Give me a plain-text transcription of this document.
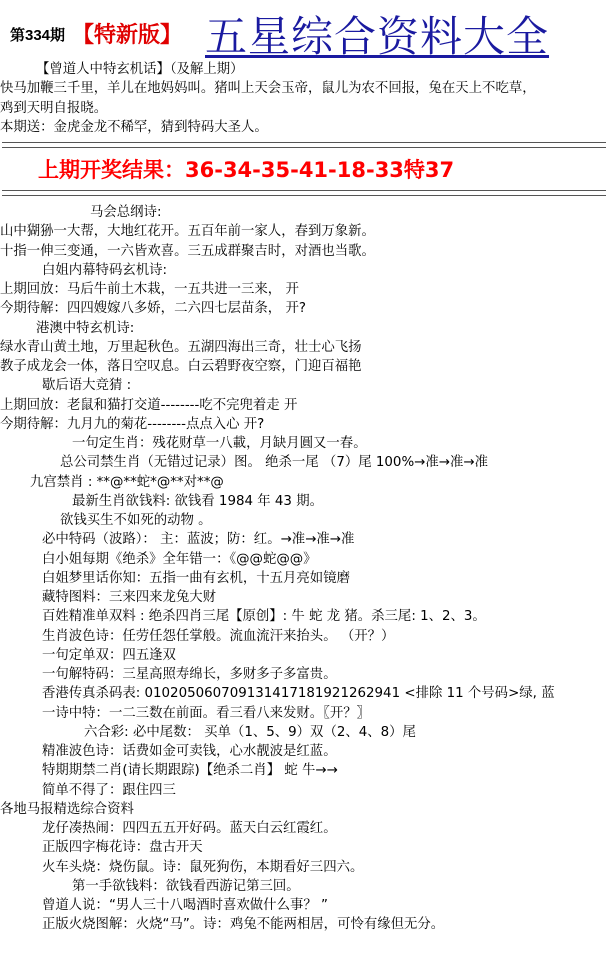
第334期 【特新版】 五星综合资料大全
【曾道人中特玄机话】（及解上期）
快马加鞭三千里，羊儿在地妈妈叫。猪叫上天会玉帝，鼠儿为农不回报，兔在天上不吃草，
鸡到天明自报晓。
本期送：金虎金龙不稀罕，猜到特码大圣人。
上期开奖结果：36-34-35-41-18-33特37
马会总纲诗:
山中猢狲一大帮，大地红花开。五百年前一家人，春到万象新。
十指一伸三变通，一六皆欢喜。三五成群聚吉时，对酒也当歌。
白姐内幕特码玄机诗:
上期回放：马后牛前土木栽，一五共进一三来， 开
今期待解：四四嫂嫁八多娇，二六四七层苗条， 开?
港澳中特玄机诗:
绿水青山黄土地，万里起秋色。五湖四海出三奇，壮士心飞扬
教子成龙会一体，落日空叹息。白云碧野夜空察，门迎百福艳
歇后语大竞猜 :
上期回放：老鼠和猫打交道--------吃不完兜着走 开
今期待解：九月九的菊花--------点点入心 开?
一句定生肖：残花财草一八載，月缺月圓又一春。
总公司禁生肖（无错过记录）图。 绝杀一尾 （7）尾 100%→准→准→准
九宫禁肖 : **@**蛇*@**对**@
最新生肖欲钱料: 欲钱看 1984 年 43 期。
欲钱买生不如死的动物 。
必中特码（波路）： 主：蓝波；防：红。→准→准→准
白小姐每期《绝杀》全年错一：《@@蛇@@》
白姐梦里话你知：五指一曲有玄机，十五月亮如镜磨
藏特图料：三来四来龙兔大财
百姓精准单双料 : 绝杀四肖三尾【原创】: 牛 蛇 龙 猪。杀三尾: 1、2、3。
生肖波色诗：任劳任怨任掌般。流血流汗来抬头。 （开？）
一句定单双：四五逢双
一句解特码：三星高照寿绵长，多财多子多富贵。
香港传真杀码表: 0102050607091314171819212629​41 <排除 11 个号码>绿, 蓝
一诗中特：一二三数在前面。看三看八来发财。〖开？〗
六合彩: 必中尾数： 买单（1、5、9）双（2、4、8）尾
精准波色诗：话费如金可卖钱，心水靓波是红蓝。
特期期禁二肖(请长期跟踪)【绝杀二肖】 蛇 牛→→
简单不得了：跟住四三
各地马报精选综合资料
龙仔凑热闹：四四五五开好码。蓝天白云红霞红。
正版四字梅花诗：盘古开天
火车头烧：烧伤鼠。诗：鼠死狗伤，本期看好三四六。
第一手欲钱料：欲钱看西游记第三回。
曾道人说：“男人三十八喝酒时喜欢做什么事？ ”
正版火烧图解：火烧“马”。诗：鸡兔不能两相居，可怜有缘但无分。
